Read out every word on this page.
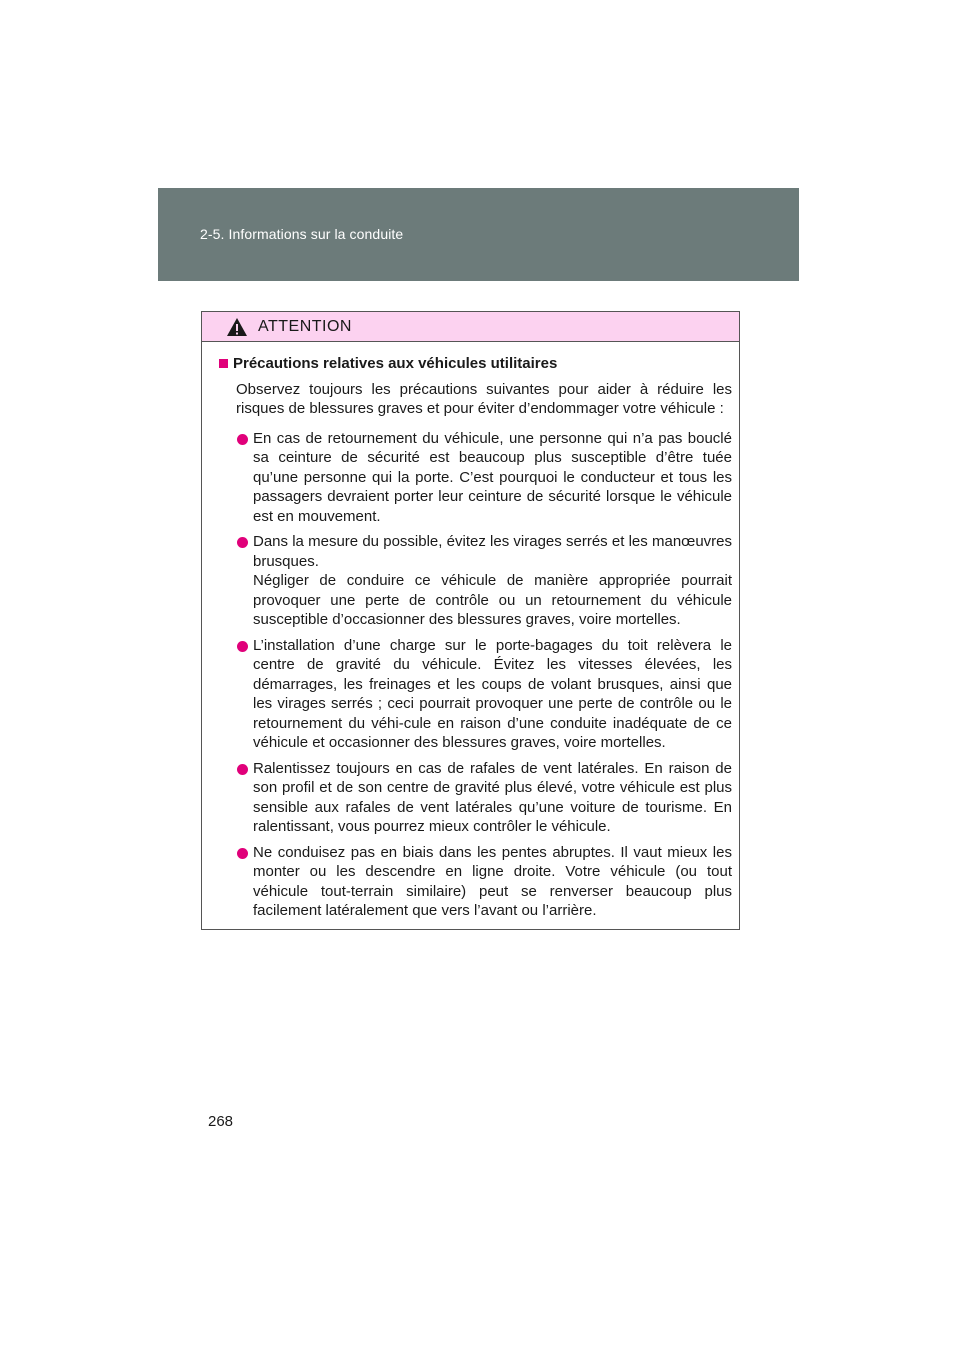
2-5. Informations sur la conduite
ATTENTION
Précautions relatives aux véhicules utilitaires
Observez toujours les précautions suivantes pour aider à réduire les risques de blessures graves et pour éviter d’endommager votre véhicule :
En cas de retournement du véhicule, une personne qui n’a pas bouclé sa ceinture de sécurité est beaucoup plus susceptible d’être tuée qu’une personne qui la porte. C’est pourquoi le conducteur et tous les passagers devraient porter leur ceinture de sécurité lorsque le véhicule est en mouvement.
Dans la mesure du possible, évitez les virages serrés et les manœuvres brusques.
Négliger de conduire ce véhicule de manière appropriée pourrait provoquer une perte de contrôle ou un retournement du véhicule susceptible d’occasionner des blessures graves, voire mortelles.
L’installation d’une charge sur le porte-bagages du toit relèvera le centre de gravité du véhicule. Évitez les vitesses élevées, les démarrages, les freinages et les coups de volant brusques, ainsi que les virages serrés ; ceci pourrait provoquer une perte de contrôle ou le retournement du véhi-cule en raison d’une conduite inadéquate de ce véhicule et occasionner des blessures graves, voire mortelles.
Ralentissez toujours en cas de rafales de vent latérales. En raison de son profil et de son centre de gravité plus élevé, votre véhicule est plus sensible aux rafales de vent latérales qu’une voiture de tourisme. En ralentissant, vous pourrez mieux contrôler le véhicule.
Ne conduisez pas en biais dans les pentes abruptes. Il vaut mieux les monter ou les descendre en ligne droite. Votre véhicule (ou tout véhicule tout-terrain similaire) peut se renverser beaucoup plus facilement latéralement que vers l’avant ou l’arrière.
268
